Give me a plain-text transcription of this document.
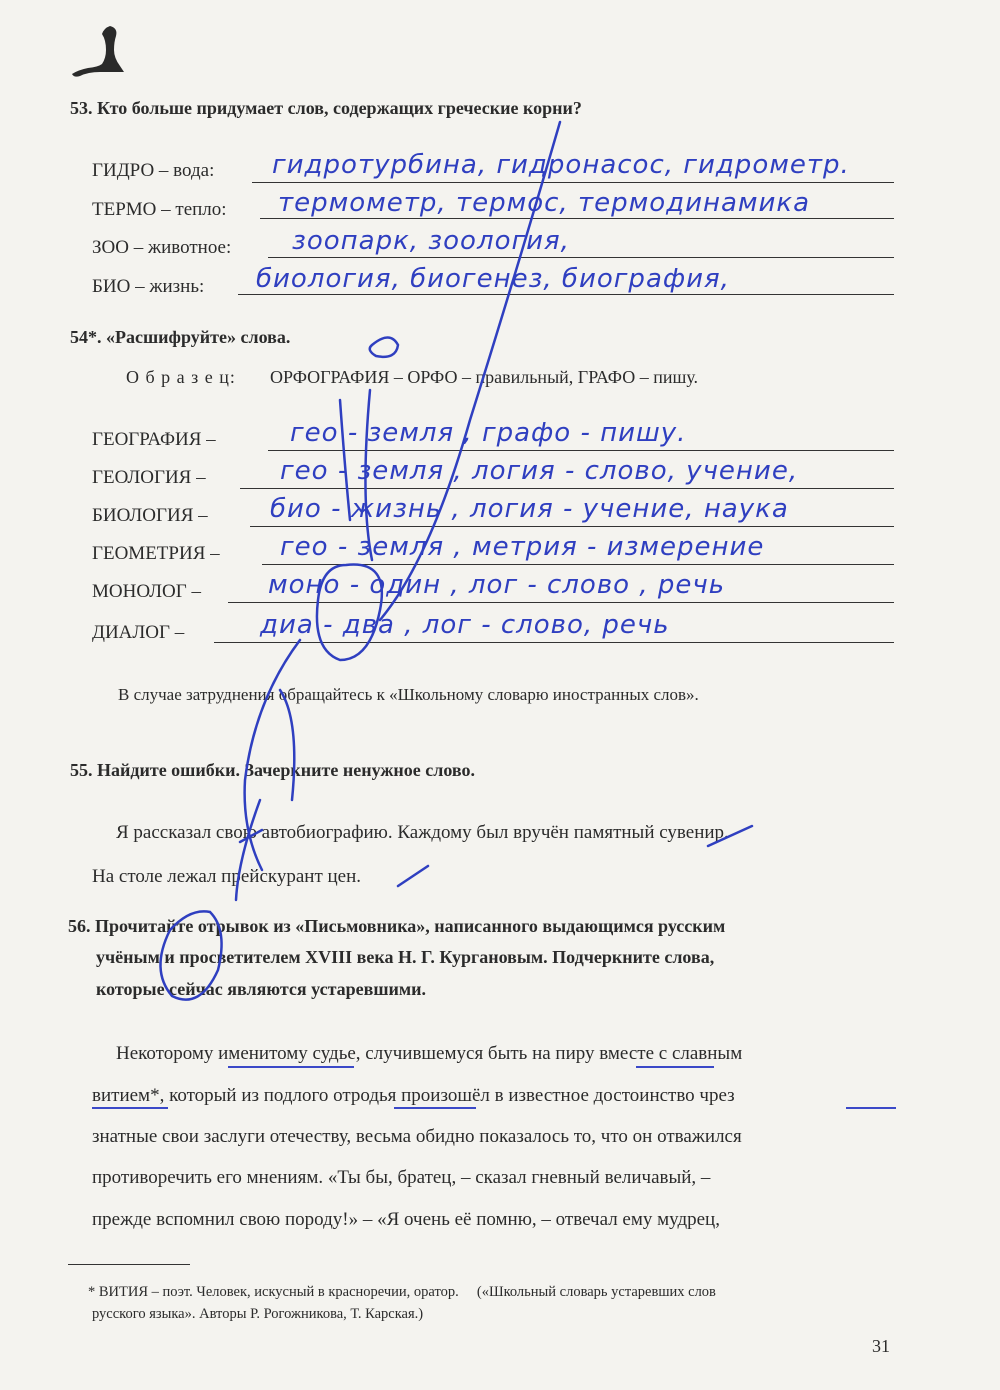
53. Кто больше придумает слов, содержащих греческие корни?
ГИДРО – вода: гидротурбина, гидронасос, гидрометр.
ТЕРМО – тепло: термометр, термос, термодинамика
ЗОО – животное: зоопарк, зоология,
БИО – жизнь: биология, биогенез, биография,
54*. «Расшифруйте» слова.
О б р а з е ц: ОРФОГРАФИЯ – ОРФО – правильный, ГРАФО – пишу.
ГЕОГРАФИЯ –	гео - земля , графо - пишу.
ГЕОЛОГИЯ –	гео - земля , логия - слово, учение,
БИОЛОГИЯ – био - жизнь , логия - учение, наука
ГЕОМЕТРИЯ – гео - земля , метрия - измерение
МОНОЛОГ –	моно - один , лог - слово , речь
ДИАЛОГ –	диа - два , лог - слово, речь
В случае затруднения обращайтесь к «Школьному словарю иностранных слов».
55. Найдите ошибки. Зачеркните ненужное слово.
Я рассказал свою автобиографию. Каждому был вручён памятный сувенир.
На столе лежал прейскурант цен.
56. Прочитайте отрывок из «Письмовника», написанного выдающимся русским
учёным и просветителем XVIII века Н. Г. Кургановым. Подчеркните слова,
которые сейчас являются устаревшими.
Некоторому именитому судье, случившемуся быть на пиру вместе с славным
витием*, который из подлого отродья произошёл в известное достоинство чрез
знатные свои заслуги отечеству, весьма обидно показалось то, что он отважился
противоречить его мнениям. «Ты бы, братец, – сказал гневный величавый, –
прежде вспомнил свою породу!» – «Я очень её помню, – отвечал ему мудрец,
* ВИТИЯ – поэт. Человек, искусный в красноречии, оратор.     («Школьный словарь устаревших слов
русского языка». Авторы Р. Рогожникова, Т. Карская.)
31
